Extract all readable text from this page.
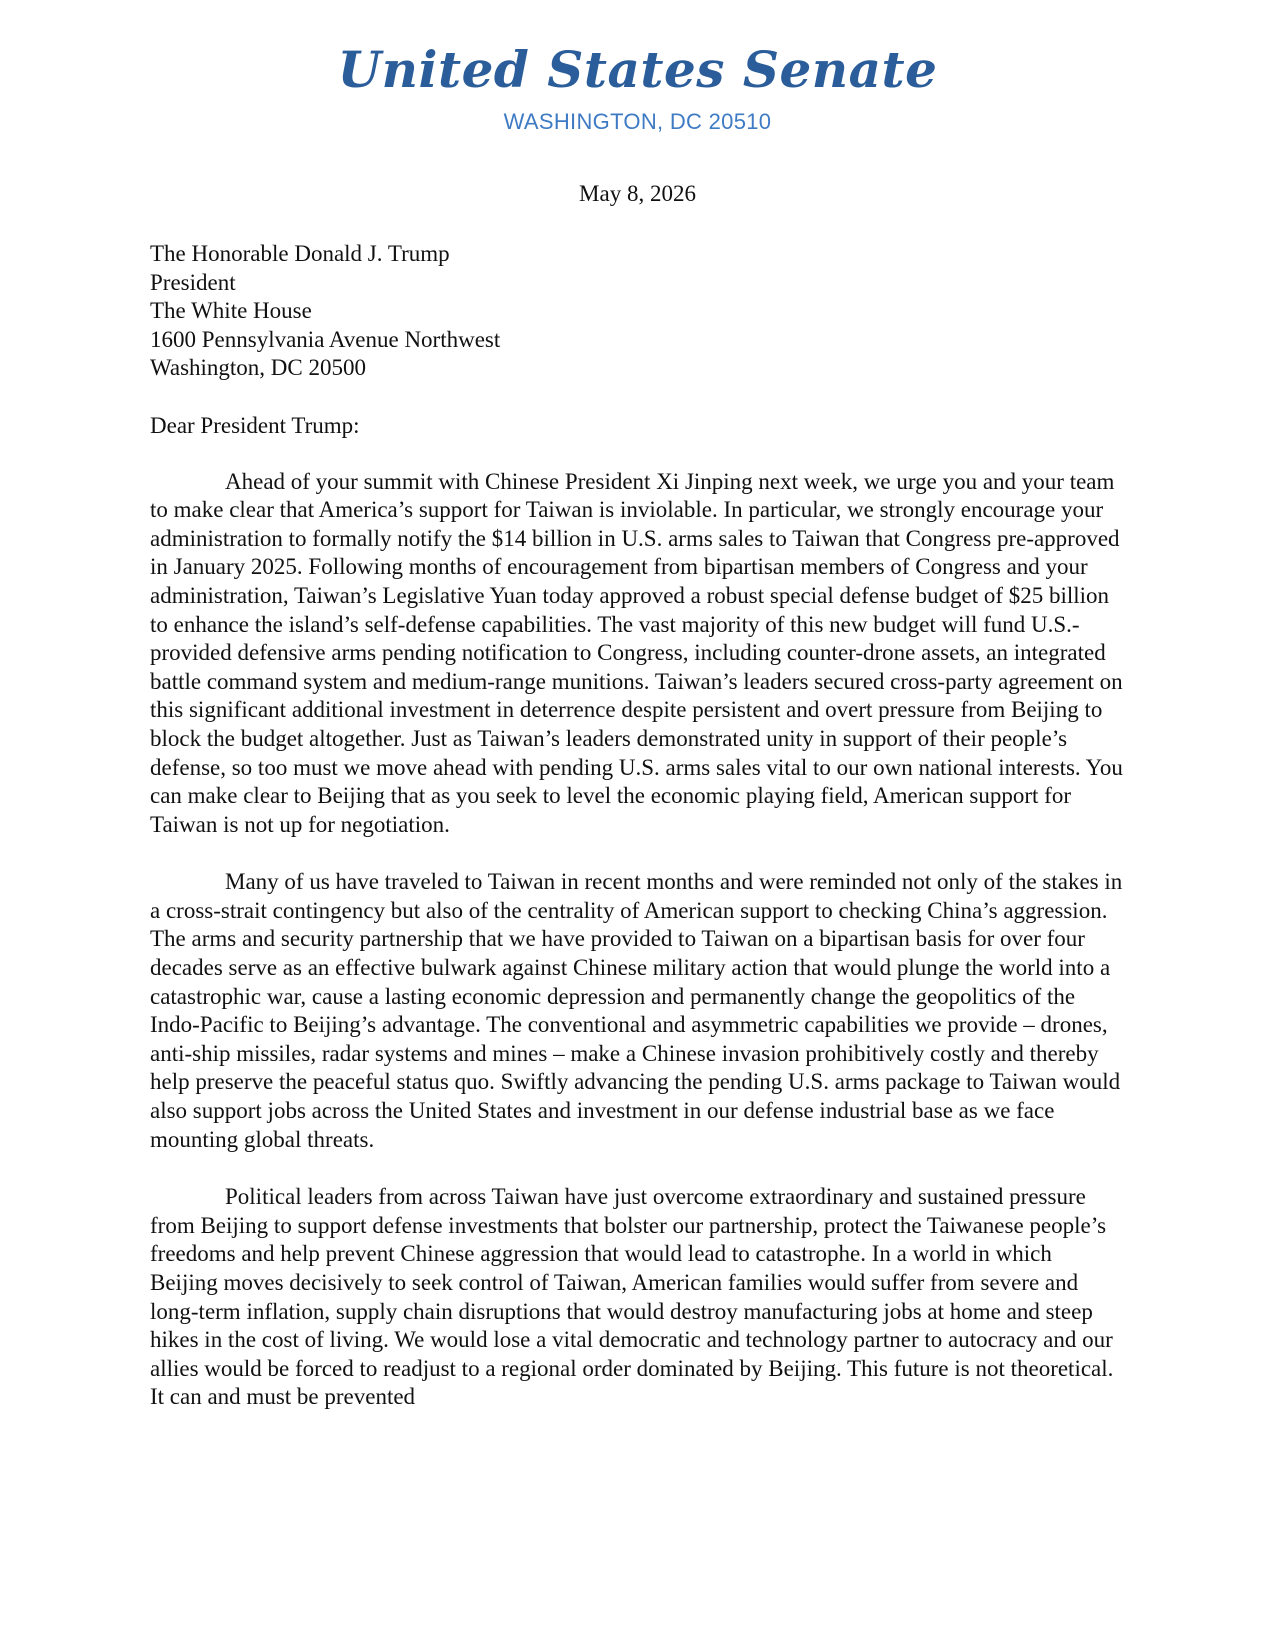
United States Senate
WASHINGTON, DC 20510
May 8, 2026
The Honorable Donald J. Trump
President
The White House
1600 Pennsylvania Avenue Northwest
Washington, DC 20500
Dear President Trump:

Ahead of your summit with Chinese President Xi Jinping next week, we urge you and your team to make clear that America’s support for Taiwan is inviolable. In particular, we strongly encourage your administration to formally notify the $14 billion in U.S. arms sales to Taiwan that Congress pre-approved in January 2025. Following months of encouragement from bipartisan members of Congress and your administration, Taiwan’s Legislative Yuan today approved a robust special defense budget of $25 billion to enhance the island’s self-defense capabilities. The vast majority of this new budget will fund U.S.-provided defensive arms pending notification to Congress, including counter-drone assets, an integrated battle command system and medium-range munitions. Taiwan’s leaders secured cross-party agreement on this significant additional investment in deterrence despite persistent and overt pressure from Beijing to block the budget altogether. Just as Taiwan’s leaders demonstrated unity in support of their people’s defense, so too must we move ahead with pending U.S. arms sales vital to our own national interests. You can make clear to Beijing that as you seek to level the economic playing field, American support for Taiwan is not up for negotiation.

Many of us have traveled to Taiwan in recent months and were reminded not only of the stakes in a cross-strait contingency but also of the centrality of American support to checking China’s aggression. The arms and security partnership that we have provided to Taiwan on a bipartisan basis for over four decades serve as an effective bulwark against Chinese military action that would plunge the world into a catastrophic war, cause a lasting economic depression and permanently change the geopolitics of the Indo-Pacific to Beijing’s advantage. The conventional and asymmetric capabilities we provide – drones, anti-ship missiles, radar systems and mines – make a Chinese invasion prohibitively costly and thereby help preserve the peaceful status quo. Swiftly advancing the pending U.S. arms package to Taiwan would also support jobs across the United States and investment in our defense industrial base as we face mounting global threats.

Political leaders from across Taiwan have just overcome extraordinary and sustained pressure from Beijing to support defense investments that bolster our partnership, protect the Taiwanese people’s freedoms and help prevent Chinese aggression that would lead to catastrophe. In a world in which Beijing moves decisively to seek control of Taiwan, American families would suffer from severe and long-term inflation, supply chain disruptions that would destroy manufacturing jobs at home and steep hikes in the cost of living. We would lose a vital democratic and technology partner to autocracy and our allies would be forced to readjust to a regional order dominated by Beijing. This future is not theoretical. It can and must be prevented
